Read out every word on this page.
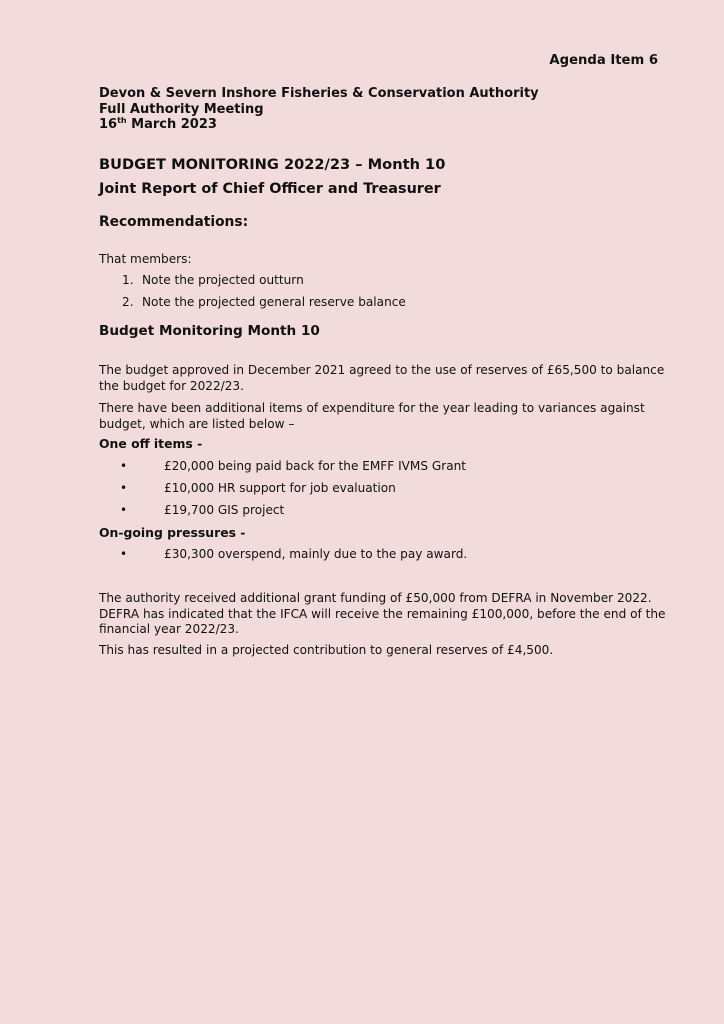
Agenda Item 6
Devon & Severn Inshore Fisheries & Conservation Authority
Full Authority Meeting
16th March 2023
BUDGET MONITORING 2022/23 – Month 10
Joint Report of Chief Officer and Treasurer
Recommendations:
That members:
1. Note the projected outturn
2. Note the projected general reserve balance
Budget Monitoring Month 10
The budget approved in December 2021 agreed to the use of reserves of £65,500 to balance the budget for 2022/23.
There have been additional items of expenditure for the year leading to variances against budget, which are listed below –
One off items -
•	£20,000 being paid back for the EMFF IVMS Grant
•	£10,000 HR support for job evaluation
•	£19,700 GIS project
On-going pressures -
•	£30,300 overspend, mainly due to the pay award.
The authority received additional grant funding of £50,000 from DEFRA in November 2022. DEFRA has indicated that the IFCA will receive the remaining £100,000, before the end of the financial year 2022/23.
This has resulted in a projected contribution to general reserves of £4,500.
